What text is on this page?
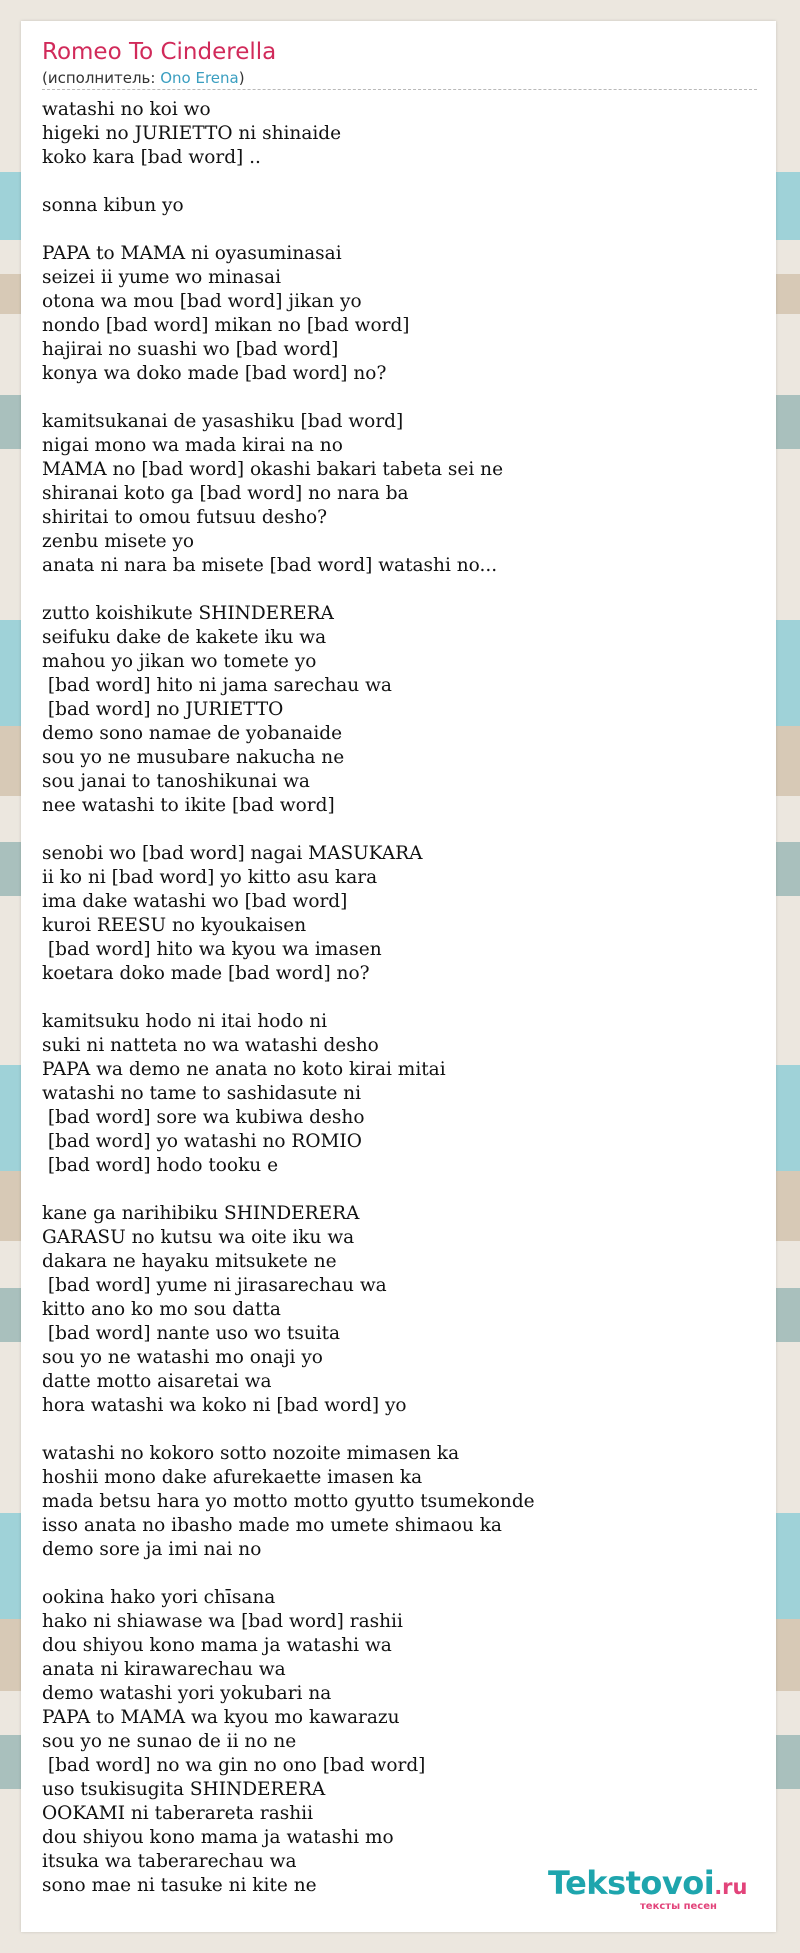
Romeo To Cinderella
(исполнитель: Ono Erena)
watashi no koi wo
higeki no JURIETTO ni shinaide
koko kara [bad word] ..
sonna kibun yo
PAPA to MAMA ni oyasuminasai
seizei ii yume wo minasai
otona wa mou [bad word] jikan yo
nondo [bad word] mikan no [bad word]
hajirai no suashi wo [bad word]
konya wa doko made [bad word] no?
kamitsukanai de yasashiku [bad word]
nigai mono wa mada kirai na no
MAMA no [bad word] okashi bakari tabeta sei ne
shiranai koto ga [bad word] no nara ba
shiritai to omou futsuu desho?
zenbu misete yo
anata ni nara ba misete [bad word] watashi no...
zutto koishikute SHINDERERA
seifuku dake de kakete iku wa
mahou yo jikan wo tomete yo
[bad word] hito ni jama sarechau wa
[bad word] no JURIETTO
demo sono namae de yobanaide
sou yo ne musubare nakucha ne
sou janai to tanoshikunai wa
nee watashi to ikite [bad word]
senobi wo [bad word] nagai MASUKARA
ii ko ni [bad word] yo kitto asu kara
ima dake watashi wo [bad word]
kuroi REESU no kyoukaisen
[bad word] hito wa kyou wa imasen
koetara doko made [bad word] no?
kamitsuku hodo ni itai hodo ni
suki ni natteta no wa watashi desho
PAPA wa demo ne anata no koto kirai mitai
watashi no tame to sashidasute ni
[bad word] sore wa kubiwa desho
[bad word] yo watashi no ROMIO
[bad word] hodo tooku e
kane ga narihibiku SHINDERERA
GARASU no kutsu wa oite iku wa
dakara ne hayaku mitsukete ne
[bad word] yume ni jirasarechau wa
kitto ano ko mo sou datta
[bad word] nante uso wo tsuita
sou yo ne watashi mo onaji yo
datte motto aisaretai wa
hora watashi wa koko ni [bad word] yo
watashi no kokoro sotto nozoite mimasen ka
hoshii mono dake afurekaette imasen ka
mada betsu hara yo motto motto gyutto tsumekonde
isso anata no ibasho made mo umete shimaou ka
demo sore ja imi nai no
ookina hako yori chīsana
hako ni shiawase wa [bad word] rashii
dou shiyou kono mama ja watashi wa
anata ni kirawarechau wa
demo watashi yori yokubari na
PAPA to MAMA wa kyou mo kawarazu
sou yo ne sunao de ii no ne
[bad word] no wa gin no ono [bad word]
uso tsukisugita SHINDERERA
OOKAMI ni taberareta rashii
dou shiyou kono mama ja watashi mo
itsuka wa taberarechau wa
sono mae ni tasuke ni kite ne	Tekstovoi.ru
тексты песен
